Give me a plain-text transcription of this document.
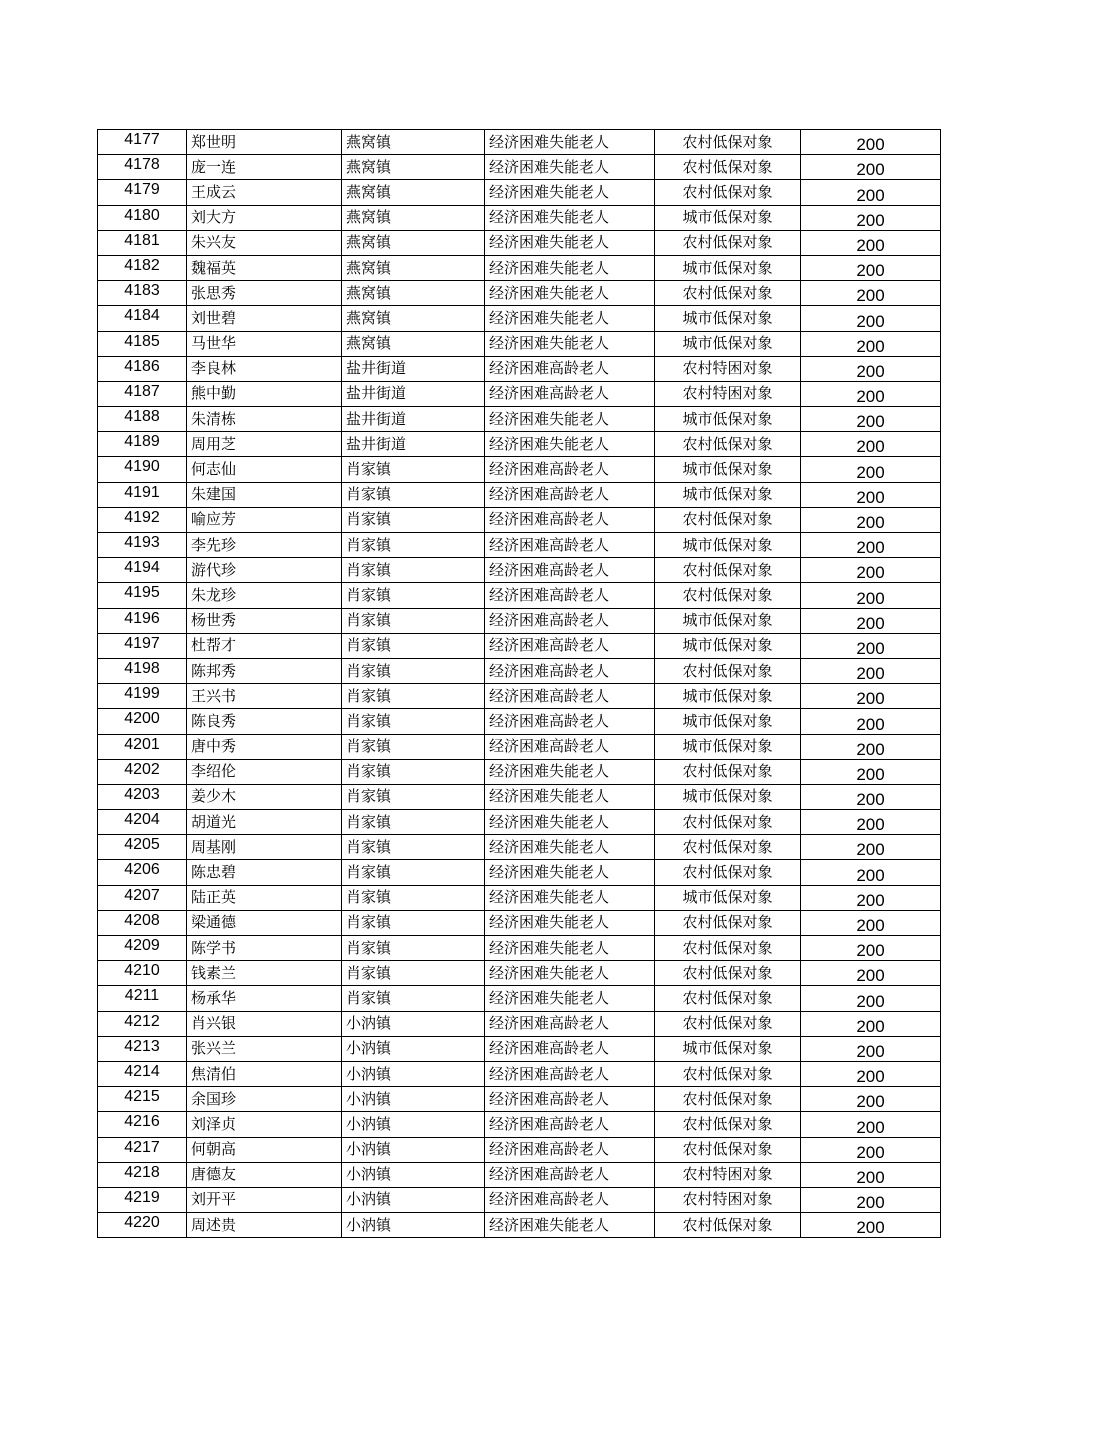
4177	郑世明	燕窝镇	经济困难失能老人	农村低保对象	200
4178	庞一连	燕窝镇	经济困难失能老人	农村低保对象	200
4179	王成云	燕窝镇	经济困难失能老人	农村低保对象	200
4180	刘大方	燕窝镇	经济困难失能老人	城市低保对象	200
4181	朱兴友	燕窝镇	经济困难失能老人	农村低保对象	200
4182	魏福英	燕窝镇	经济困难失能老人	城市低保对象	200
4183	张思秀	燕窝镇	经济困难失能老人	农村低保对象	200
4184	刘世碧	燕窝镇	经济困难失能老人	城市低保对象	200
4185	马世华	燕窝镇	经济困难失能老人	城市低保对象	200
4186	李良林	盐井街道	经济困难高龄老人	农村特困对象	200
4187	熊中勤	盐井街道	经济困难高龄老人	农村特困对象	200
4188	朱清栋	盐井街道	经济困难失能老人	城市低保对象	200
4189	周用芝	盐井街道	经济困难失能老人	农村低保对象	200
4190	何志仙	肖家镇	经济困难高龄老人	城市低保对象	200
4191	朱建国	肖家镇	经济困难高龄老人	城市低保对象	200
4192	喻应芳	肖家镇	经济困难高龄老人	农村低保对象	200
4193	李先珍	肖家镇	经济困难高龄老人	城市低保对象	200
4194	游代珍	肖家镇	经济困难高龄老人	农村低保对象	200
4195	朱龙珍	肖家镇	经济困难高龄老人	农村低保对象	200
4196	杨世秀	肖家镇	经济困难高龄老人	城市低保对象	200
4197	杜帮才	肖家镇	经济困难高龄老人	城市低保对象	200
4198	陈邦秀	肖家镇	经济困难高龄老人	农村低保对象	200
4199	王兴书	肖家镇	经济困难高龄老人	城市低保对象	200
4200	陈良秀	肖家镇	经济困难高龄老人	城市低保对象	200
4201	唐中秀	肖家镇	经济困难高龄老人	城市低保对象	200
4202	李绍伦	肖家镇	经济困难失能老人	农村低保对象	200
4203	姜少木	肖家镇	经济困难失能老人	城市低保对象	200
4204	胡道光	肖家镇	经济困难失能老人	农村低保对象	200
4205	周基刚	肖家镇	经济困难失能老人	农村低保对象	200
4206	陈忠碧	肖家镇	经济困难失能老人	农村低保对象	200
4207	陆正英	肖家镇	经济困难失能老人	城市低保对象	200
4208	梁通德	肖家镇	经济困难失能老人	农村低保对象	200
4209	陈学书	肖家镇	经济困难失能老人	农村低保对象	200
4210	钱素兰	肖家镇	经济困难失能老人	农村低保对象	200
4211	杨承华	肖家镇	经济困难失能老人	农村低保对象	200
4212	肖兴银	小汭镇	经济困难高龄老人	农村低保对象	200
4213	张兴兰	小汭镇	经济困难高龄老人	城市低保对象	200
4214	焦清伯	小汭镇	经济困难高龄老人	农村低保对象	200
4215	余国珍	小汭镇	经济困难高龄老人	农村低保对象	200
4216	刘泽贞	小汭镇	经济困难高龄老人	农村低保对象	200
4217	何朝高	小汭镇	经济困难高龄老人	农村低保对象	200
4218	唐德友	小汭镇	经济困难高龄老人	农村特困对象	200
4219	刘开平	小汭镇	经济困难高龄老人	农村特困对象	200
4220	周述贵	小汭镇	经济困难失能老人	农村低保对象	200
